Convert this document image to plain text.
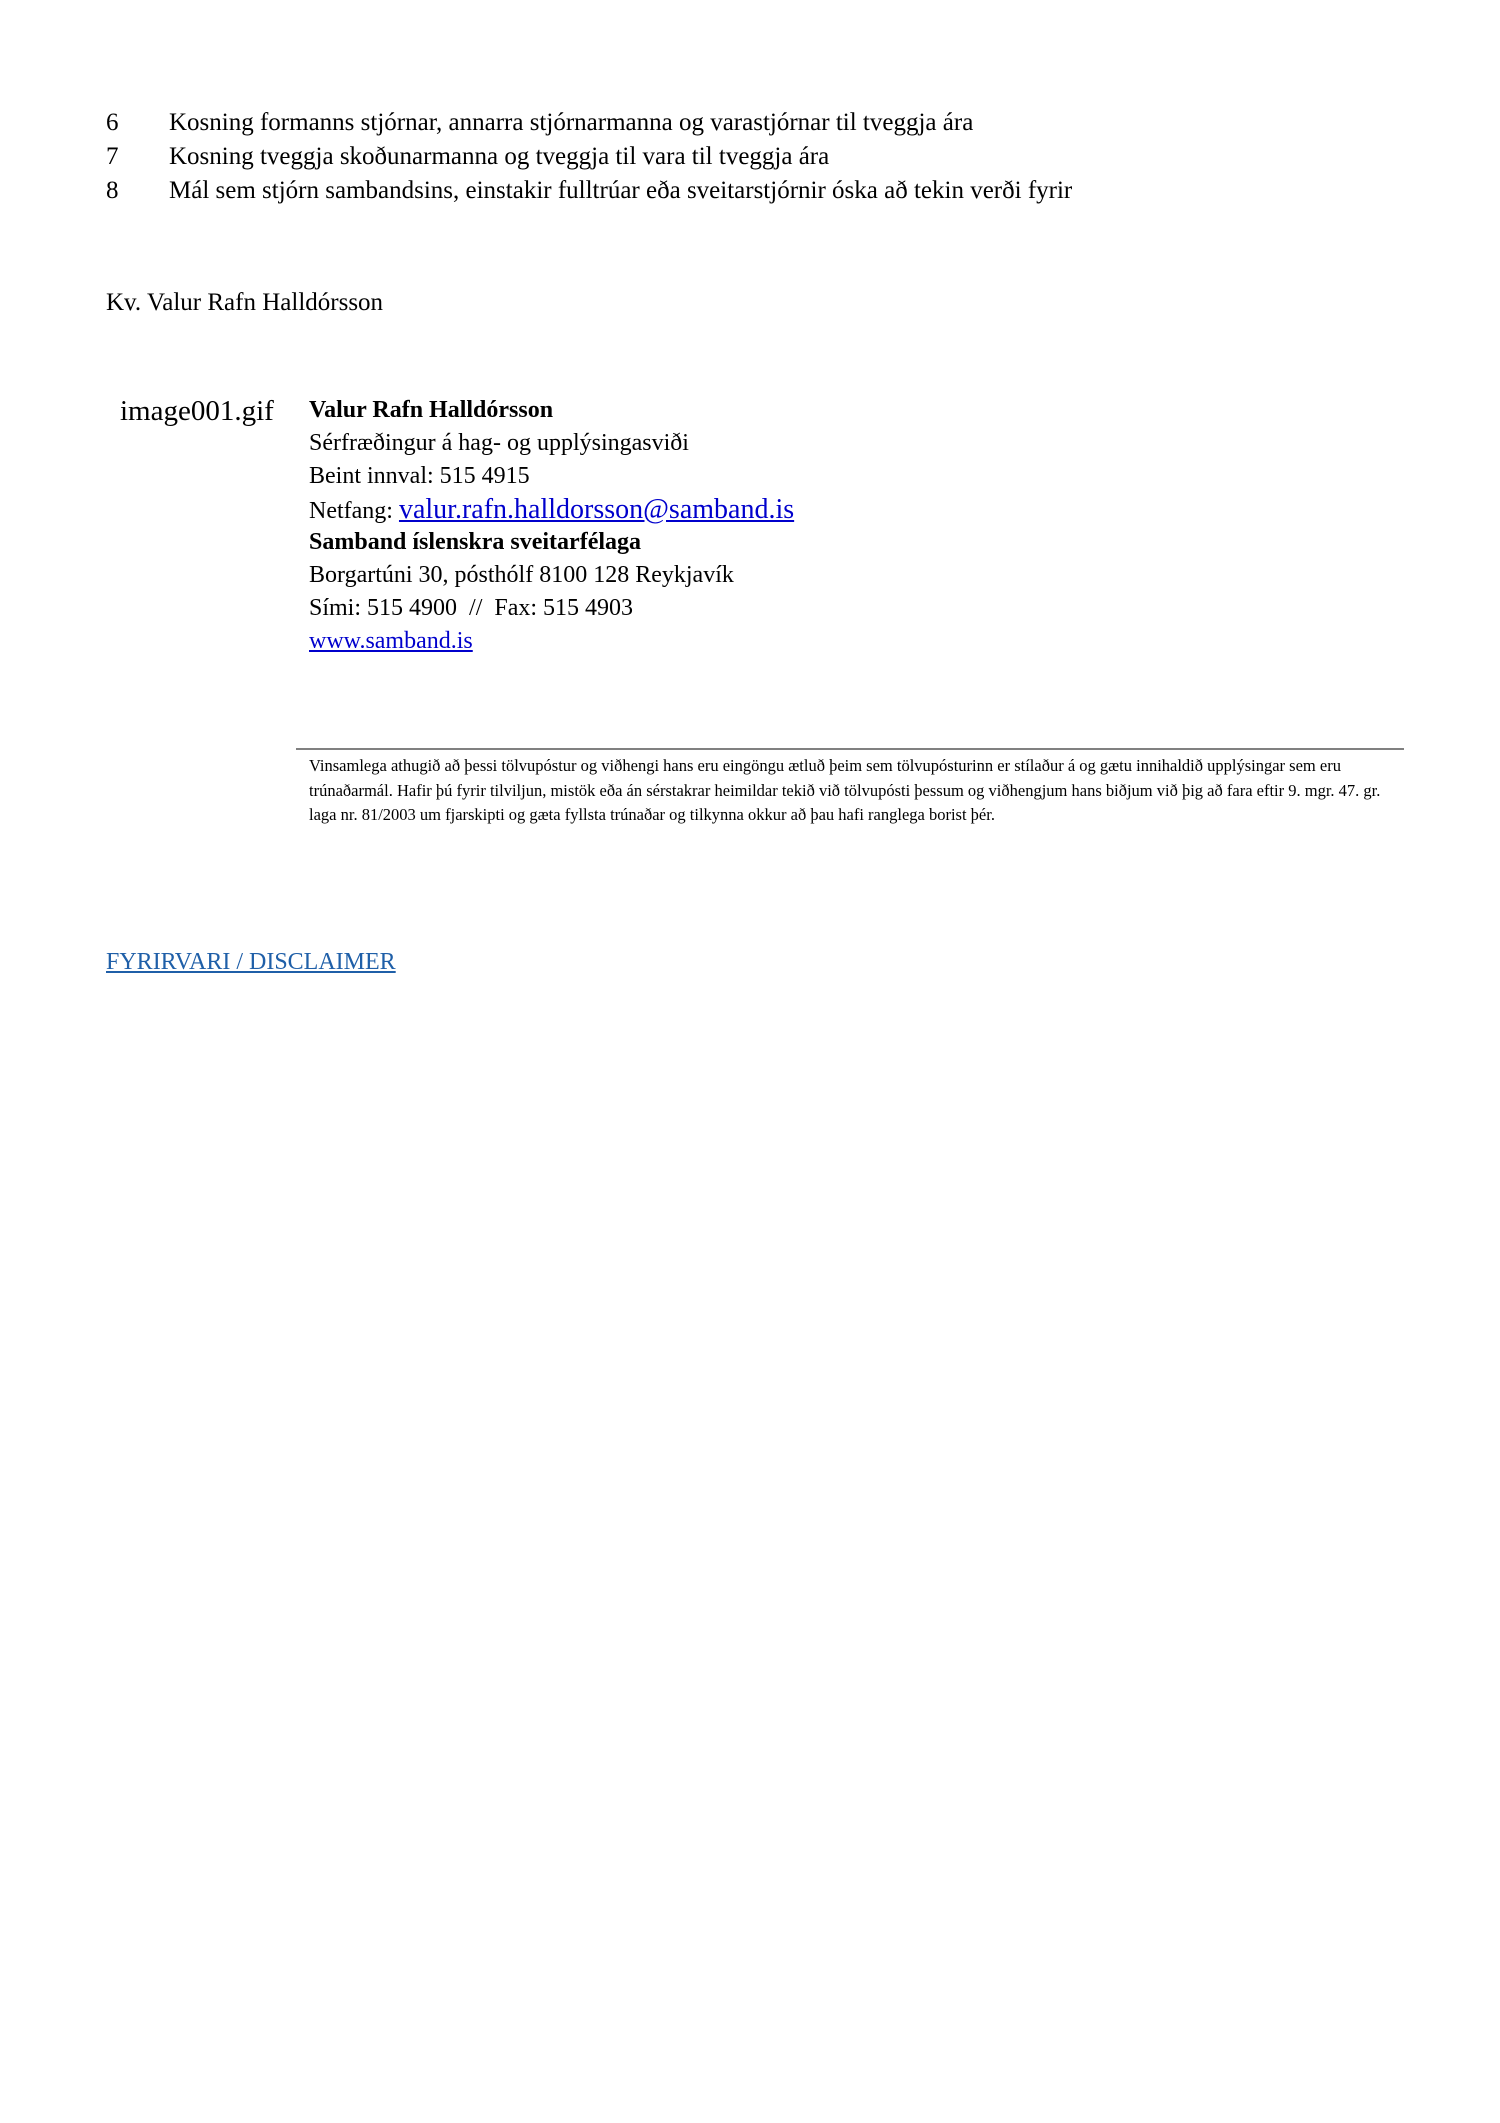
6	Kosning formanns stjórnar, annarra stjórnarmanna og varastjórnar til tveggja ára
7	Kosning tveggja skoðunarmanna og tveggja til vara til tveggja ára
8	Mál sem stjórn sambandsins, einstakir fulltrúar eða sveitarstjórnir óska að tekin verði fyrir
Kv. Valur Rafn Halldórsson
image001.gif Valur Rafn Halldórsson
Sérfræðingur á hag- og upplýsingasviði
Beint innval: 515 4915
Netfang: valur.rafn.halldorsson@samband.is
Samband íslenskra sveitarfélaga
Borgartúni 30, pósthólf 8100 128 Reykjavík
Sími: 515 4900  //  Fax: 515 4903
www.samband.is
Vinsamlega athugið að þessi tölvupóstur og viðhengi hans eru eingöngu ætluð þeim sem tölvupósturinn er stílaður á og gætu innihaldið upplýsingar sem eru trúnaðarmál. Hafir þú fyrir tilviljun, mistök eða án sérstakrar heimildar tekið við tölvupósti þessum og viðhengjum hans biðjum við þig að fara eftir 9. mgr. 47. gr. laga nr. 81/2003 um fjarskipti og gæta fyllsta trúnaðar og tilkynna okkur að þau hafi ranglega borist þér.
FYRIRVARI / DISCLAIMER
